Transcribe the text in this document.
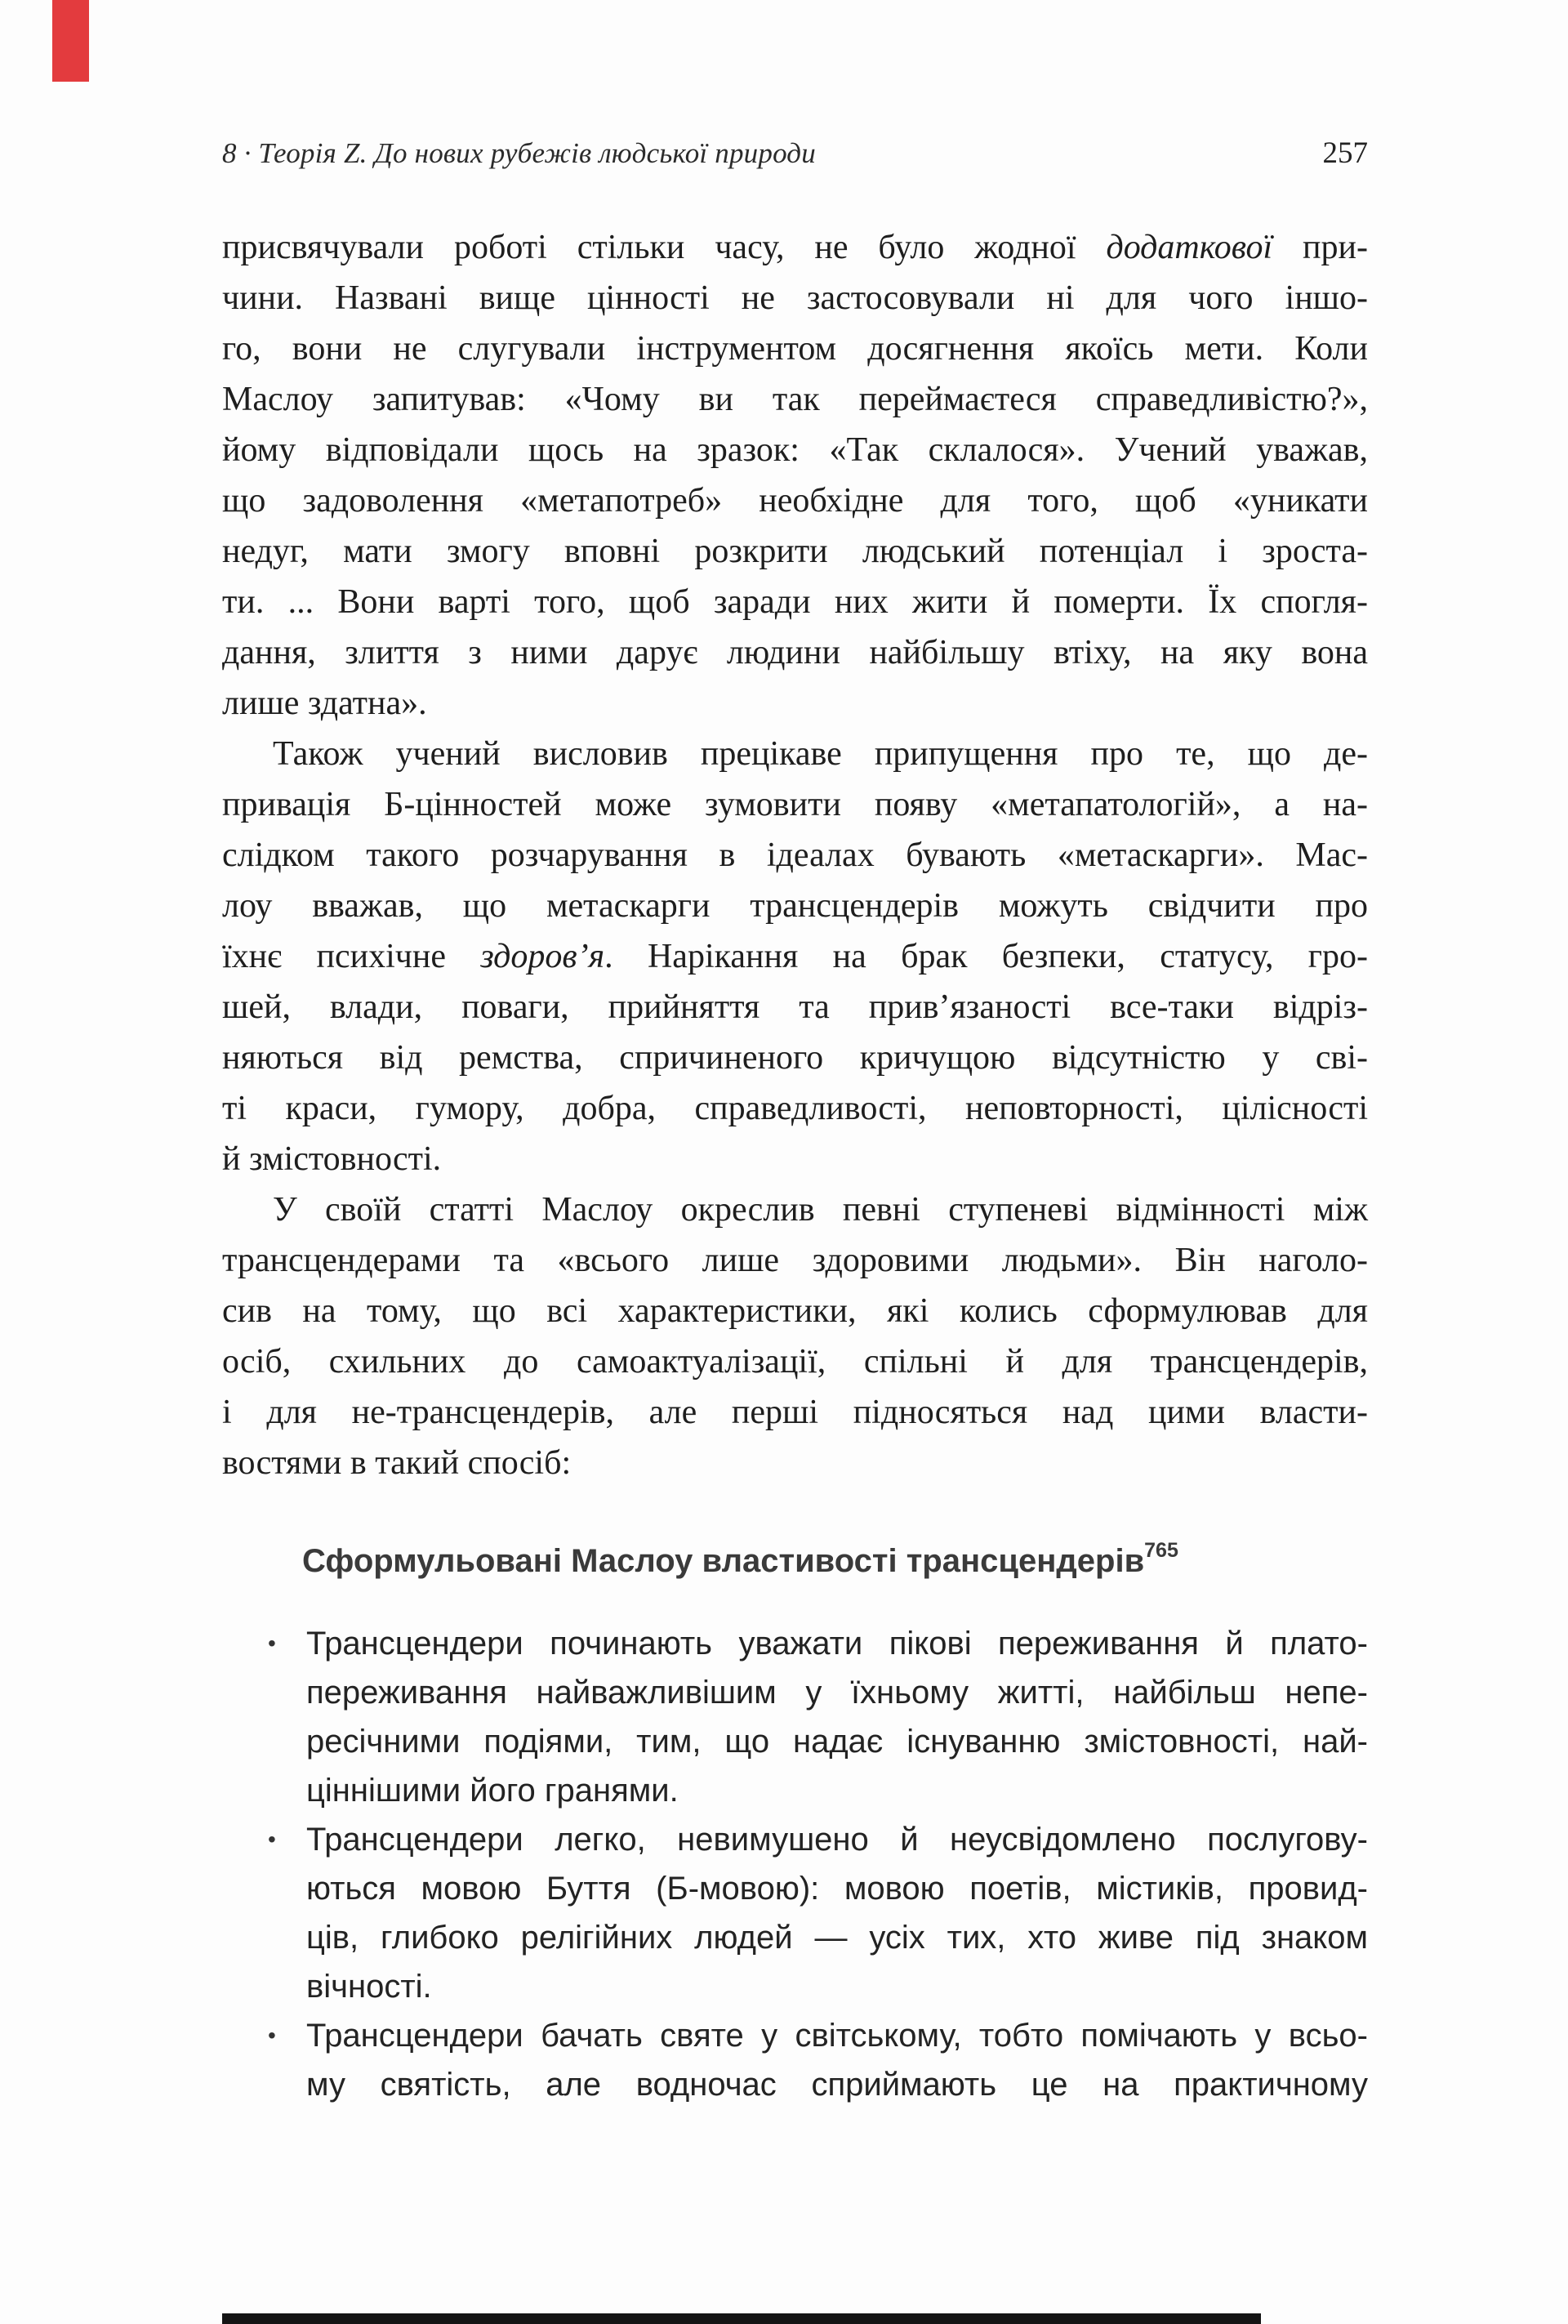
8 · Теорія Z. До нових рубежів людської природи	257
присвячували роботі стільки часу, не було жодної додаткової при-
чини. Названі вище цінності не застосовували ні для чого іншо-
го, вони не слугували інструментом досягнення якоїсь мети. Коли
Маслоу запитував: «Чому ви так переймаєтеся справедливістю?»,
йому відповідали щось на зразок: «Так склалося». Учений уважав,
що задоволення «метапотреб» необхідне для того, щоб «уникати
недуг, мати змогу вповні розкрити людський потенціал і зроста-
ти. ... Вони варті того, щоб заради них жити й померти. Їх спогля-
дання, злиття з ними дарує людини найбільшу втіху, на яку вона
лише здатна».
Також учений висловив прецікаве припущення про те, що де-
привація Б-цінностей може зумовити появу «метапатологій», а на-
слідком такого розчарування в ідеалах бувають «метаскарги». Мас-
лоу вважав, що метаскарги трансцендерів можуть свідчити про
їхнє психічне здоров’я. Нарікання на брак безпеки, статусу, гро-
шей, влади, поваги, прийняття та прив’язаності все-таки відріз-
няються від ремства, спричиненого кричущою відсутністю у сві-
ті краси, гумору, добра, справедливості, неповторності, цілісності
й змістовності.
У своїй статті Маслоу окреслив певні ступеневі відмінності між
трансцендерами та «всього лише здоровими людьми». Він наголо-
сив на тому, що всі характеристики, які колись сформулював для
осіб, схильних до самоактуалізації, спільні й для трансцендерів,
і для не-трансцендерів, але перші підносяться над цими власти-
востями в такий спосіб:
Сформульовані Маслоу властивості трансцендерів$^{765}$
• Трансцендери починають уважати пікові переживання й плато-
переживання найважливішим у їхньому житті, найбільш непе-
ресічними подіями, тим, що надає існуванню змістовності, най-
ціннішими його гранями.
• Трансцендери легко, невимушено й неусвідомлено послугову-
ються мовою Буття (Б-мовою): мовою поетів, містиків, провид-
ців, глибоко релігійних людей — усіх тих, хто живе під знаком
вічності.
• Трансцендери бачать святе у світському, тобто помічають у всьо-
му святість, але водночас сприймають це на практичному
